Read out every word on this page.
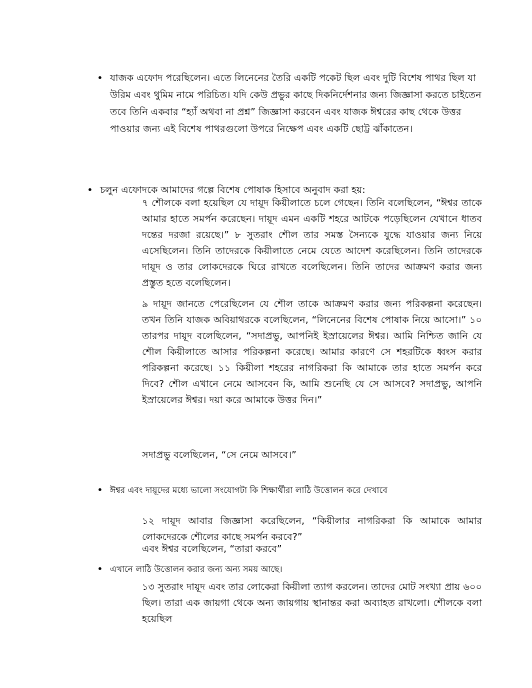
• যাজক এফোদ পরেছিলেন। এতে লিনেনের তৈরি একটি পকেট ছিল এবং দুটি বিশেষ পাথর ছিল যা উরিম এবং থুমিম নামে পরিচিত। যদি কেউ প্রভুর কাছে দিকনির্দেশনার জন্য জিজ্ঞাসা করতে চাইতেন তবে তিনি একবার “হ্যাঁ অথবা না প্রশ্ন” জিজ্ঞাসা করবেন এবং যাজক ঈশ্বরের কাছ থেকে উত্তর পাওয়ার জন্য এই বিশেষ পাথরগুলো উপরে নিক্ষেপ এবং একটি ছোট্ট ঝাঁকাতেন।
• চলুন এফোদকে আমাদের গল্পে বিশেষ পোষাক হিসাবে অনুবাদ করা হয়:

৭ শৌলকে বলা হয়েছিল যে দায়ূদ কিয়ীলাতে চলে গেছেন। তিনি বলেছিলেন, “ঈশ্বর তাকে আমার হাতে সমর্পন করেছেন। দায়ূদ এমন একটি শহরে আটকে পড়েছিলেন যেখানে ধাতব দন্তের দরজা রয়েছে।” ৮ সুতরাং শৌল তার সমস্ত সৈন্যকে যুদ্ধে যাওয়ার জন্য নিয়ে এসেছিলেন। তিনি তাদেরকে কিয়ীলাতে নেমে যেতে আদেশ করেছিলেন। তিনি তাদেরকে দায়ূদ ও তার লোকদেরকে ঘিরে রাখতে বলেছিলেন। তিনি তাদের আক্রমণ করার জন্য প্রস্তুত হতে বলেছিলেন।

৯ দায়ূদ জানতে পেরেছিলেন যে শৌল তাকে আক্রমণ করার জন্য পরিকল্পনা করেছেন। তখন তিনি যাজক অবিয়াথরকে বলেছিলেন, “লিনেনের বিশেষ পোষাক নিয়ে আসো।” ১০ তারপর দায়ূদ বলেছিলেন, “সদাপ্রভু, আপনিই ইস্রায়েলের ঈশ্বর। আমি নিশ্চিত জানি যে শৌল কিয়ীলাতে আসার পরিকল্পনা করেছে। আমার কারণে সে শহরটিকে ধ্বংস করার পরিকল্পনা করেছে। ১১ কিয়ীলা শহরের নাগরিকরা কি আমাকে তার হাতে সমর্পন করে দিবে? শৌল এখানে নেমে আসবেন কি, আমি শুনেছি যে সে আসবে? সদাপ্রভু, আপনি ইস্রায়েলের ঈশ্বর। দয়া করে আমাকে উত্তর দিন।”

সদাপ্রভু বলেছিলেন, “সে নেমে আসবে।”

• ঈশ্বর এবং দায়ূদের মধ্যে ভালো সংযোগটা কি শিক্ষার্থীরা লাঠি উত্তোলন করে দেখাবে

১২ দায়ূদ আবার জিজ্ঞাসা করেছিলেন, “কিয়ীলার নাগরিকরা কি আমাকে আমার লোকদেরকে শৌলের কাছে সমর্পন করবে?”

এবং ঈশ্বর বলেছিলেন, “তারা করবে”

• এখানে লাঠি উত্তোলন করার জন্য অন্য সময় আছে।

১৩ সুতরাং দায়ূদ এবং তার লোকেরা কিয়ীলা ত্যাগ করলেন। তাদের মোট সংখ্যা প্রায় ৬০০ ছিল। তারা এক জায়গা থেকে অন্য জায়গায় স্থানান্তর করা অব্যাহত রাখলো। শৌলকে বলা হয়েছিল
